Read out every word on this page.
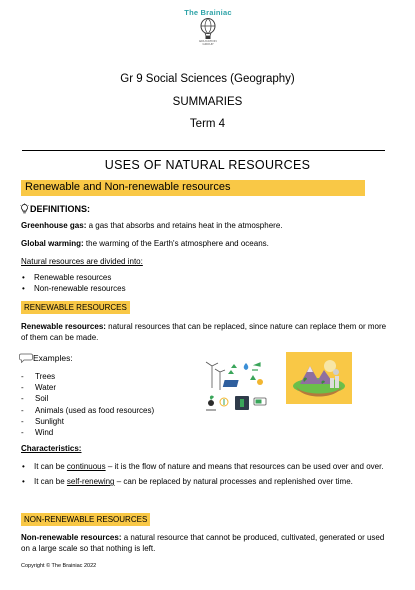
The Brainiac
EDUCATION
GROUP
Gr 9 Social Sciences (Geography)
SUMMARIES
Term 4
USES OF NATURAL RESOURCES
Renewable and Non-renewable resources
DEFINITIONS:
Greenhouse gas: a gas that absorbs and retains heat in the atmosphere.
Global warming: the warming of the Earth's atmosphere and oceans.
Natural resources are divided into:
• Renewable resources
• Non-renewable resources
RENEWABLE RESOURCES
Renewable resources: natural resources that can be replaced, since nature can replace them or more of them can be made.
Examples:
- Trees
- Water
- Soil
- Animals (used as food resources)
- Sunlight
- Wind
Characteristics:
• It can be continuous – it is the flow of nature and means that resources can be used over and over.
• It can be self-renewing – can be replaced by natural processes and replenished over time.
NON-RENEWABLE RESOURCES
Non-renewable resources: a natural resource that cannot be produced, cultivated, generated or used on a large scale so that nothing is left.
Copyright © The Brainiac 2022
